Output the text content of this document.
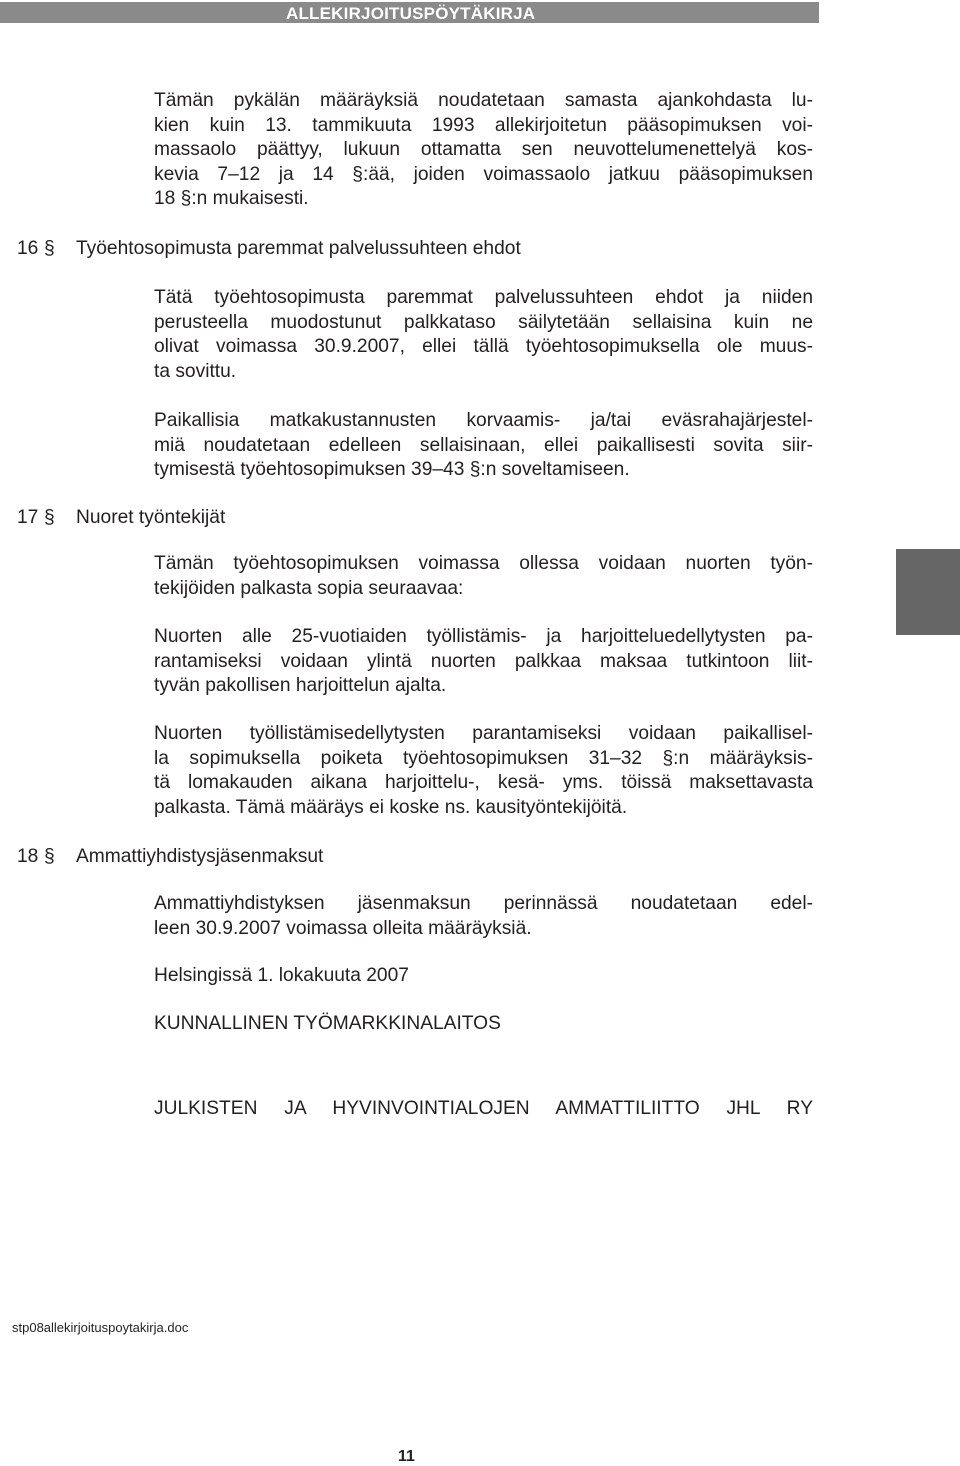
ALLEKIRJOITUSPÖYTÄKIRJA
Tämän pykälän määräyksiä noudatetaan samasta ajankohdasta lu-
kien kuin 13. tammikuuta 1993 allekirjoitetun pääsopimuksen voi-
massaolo päättyy, lukuun ottamatta sen neuvottelumenettelyä kos-
kevia 7–12 ja 14 §:ää, joiden voimassaolo jatkuu pääsopimuksen
18 §:n mukaisesti.
16 § Työehtosopimusta paremmat palvelussuhteen ehdot
Tätä työehtosopimusta paremmat palvelussuhteen ehdot ja niiden
perusteella muodostunut palkkataso säilytetään sellaisina kuin ne
olivat voimassa 30.9.2007, ellei tällä työehtosopimuksella ole muus-
ta sovittu.
Paikallisia matkakustannusten korvaamis- ja/tai eväsrahajärjestel-
miä noudatetaan edelleen sellaisinaan, ellei paikallisesti sovita siir-
tymisestä työehtosopimuksen 39–43 §:n soveltamiseen.
17 § Nuoret työntekijät
Tämän työehtosopimuksen voimassa ollessa voidaan nuorten työn-
tekijöiden palkasta sopia seuraavaa:
Nuorten alle 25-vuotiaiden työllistämis- ja harjoitteluedellytysten pa-
rantamiseksi voidaan ylintä nuorten palkkaa maksaa tutkintoon liit-
tyvän pakollisen harjoittelun ajalta.
Nuorten työllistämisedellytysten parantamiseksi voidaan paikallisel-
la sopimuksella poiketa työehtosopimuksen 31–32 §:n määräyksis-
tä lomakauden aikana harjoittelu-, kesä- yms. töissä maksettavasta
palkasta. Tämä määräys ei koske ns. kausityöntekijöitä.
18 § Ammattiyhdistysjäsenmaksut
Ammattiyhdistyksen jäsenmaksun perinnässä noudatetaan edel-
leen 30.9.2007 voimassa olleita määräyksiä.
Helsingissä 1. lokakuuta 2007
KUNNALLINEN TYÖMARKKINALAITOS
JULKISTEN JA HYVINVOINTIALOJEN AMMATTILIITTO JHL RY
stp08allekirjoituspoytakirja.doc
11
